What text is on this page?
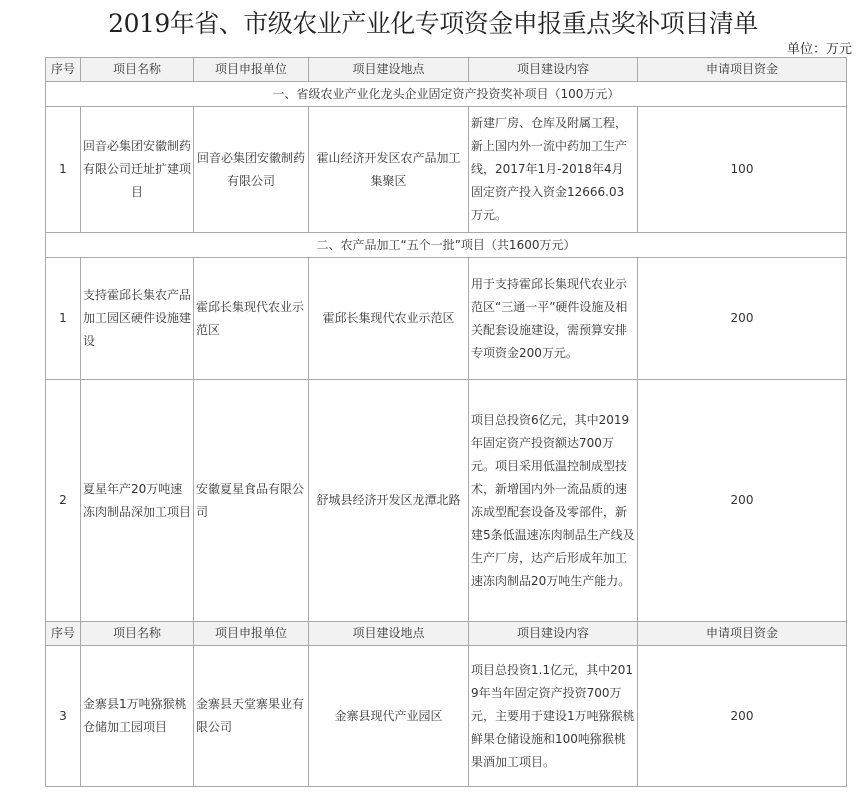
2019年省、市级农业产业化专项资金申报重点奖补项目清单
单位：万元
序号	项目名称	项目申报单位	项目建设地点	项目建设内容	申请项目资金
一、省级农业产业化龙头企业固定资产投资奖补项目（100万元）					
1	回音必集团安徽制药有限公司迁址扩建项目	回音必集团安徽制药有限公司	霍山经济开发区农产品加工集聚区	新建厂房、仓库及附属工程，新上国内外一流中药加工生产线，2017年1月-2018年4月固定资产投入资金12666.03万元。	100
二、农产品加工“五个一批”项目（共1600万元）					
1	支持霍邱长集农产品加工园区硬件设施建设	霍邱长集现代农业示范区	霍邱长集现代农业示范区	用于支持霍邱长集现代农业示范区“三通一平”硬件设施及相关配套设施建设，需预算安排专项资金200万元。	200
2	夏星年产20万吨速冻肉制品深加工项目	安徽夏星食品有限公司	舒城县经济开发区龙潭北路	项目总投资6亿元，其中2019年固定资产投资额达700万元。项目采用低温控制成型技术，新增国内外一流品质的速冻成型配套设备及零部件，新建5条低温速冻肉制品生产线及生产厂房，达产后形成年加工速冻肉制品20万吨生产能力。	200
序号	项目名称	项目申报单位	项目建设地点	项目建设内容	申请项目资金
3	金寨县1万吨猕猴桃仓储加工园项目	金寨县天堂寨果业有限公司	金寨县现代产业园区	项目总投资1.1亿元，其中2019年当年固定资产投资700万元，主要用于建设1万吨猕猴桃鲜果仓储设施和100吨猕猴桃果酒加工项目。	200
